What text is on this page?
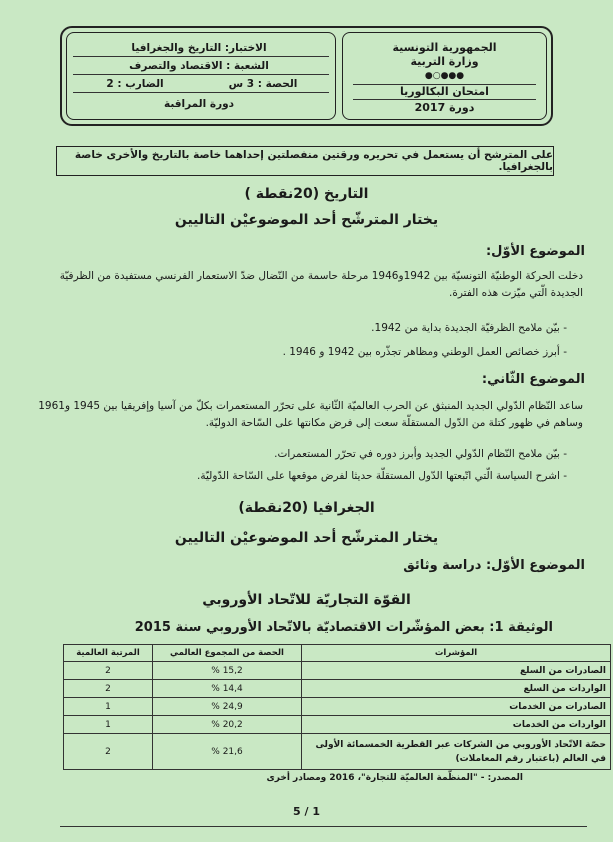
الجمهورية التونسية
وزارة التربية
●●●○●
امتحان البكالوريا
دورة 2017
الاختبار: التاريخ والجغرافيا
الشعبة : الاقتصاد والتصرف
الحصة : 3 س
الضارب : 2
دورة المراقبة
على المترشح أن يستعمل في تحريره ورقتين منفصلتين إحداهما خاصة بالتاريخ والأخرى خاصة بالجغرافيا.
التاريخ (20نقطة )
يختار المترشّح أحد الموضوعيْن التاليين
الموضوع الأوّل:
دخلت الحركة الوطنيّة التونسيّة بين 1942و1946 مرحلة حاسمة من النّضال ضدّ الاستعمار الفرنسي مستفيدة من الظرفيّة الجديدة الّتي ميّزت هذه الفترة.
- بيّن ملامح الظرفيّة الجديدة بداية من 1942.
- أبرز خصائص العمل الوطني ومظاهر تجذّره بين 1942 و 1946 .
الموضوع الثّاني:
ساعد النّظام الدّولي الجديد المنبثق عن الحرب العالميّة الثّانية على تحرّر المستعمرات بكلّ من آسيا وإفريقيا بين 1945 و1961 وساهم في ظهور كتلة من الدّول المستقلّة سعت إلى فرض مكانتها على السّاحة الدوليّة.
- بيّن ملامح النّظام الدّولي الجديد وأبرز دوره في تحرّر المستعمرات.
- اشرح السياسة الّتي اتّبعتها الدّول المستقلّة حديثا لفرض موقعها على السّاحة الدّوليّة.
الجغرافيا (20نقطة)
يختار المترشّح أحد الموضوعيْن التاليين
الموضوع الأوّل: دراسة وثائق
القوّة التجاريّة للاتّحاد الأوروبي
الوثيقة 1: بعض المؤشّرات الاقتصاديّة بالاتّحاد الأوروبي سنة 2015
المؤشرات	الحصة من المجموع العالمي	المرتبة العالمية
الصادرات من السلع	15,2 %	2
الواردات من السلع	14,4 %	2
الصادرات من الخدمات	24,9 %	1
الواردات من الخدمات	20,2 %	1
حصّة الاتّحاد الأوروبي من الشركات عبر القطرية الخمسمائة الأولى في العالم (باعتبار رقم المعاملات)	21,6 %	2
المصدر: - "المنظّمة العالميّة للتجارة"، 2016 ومصادر أخرى
5 / 1
